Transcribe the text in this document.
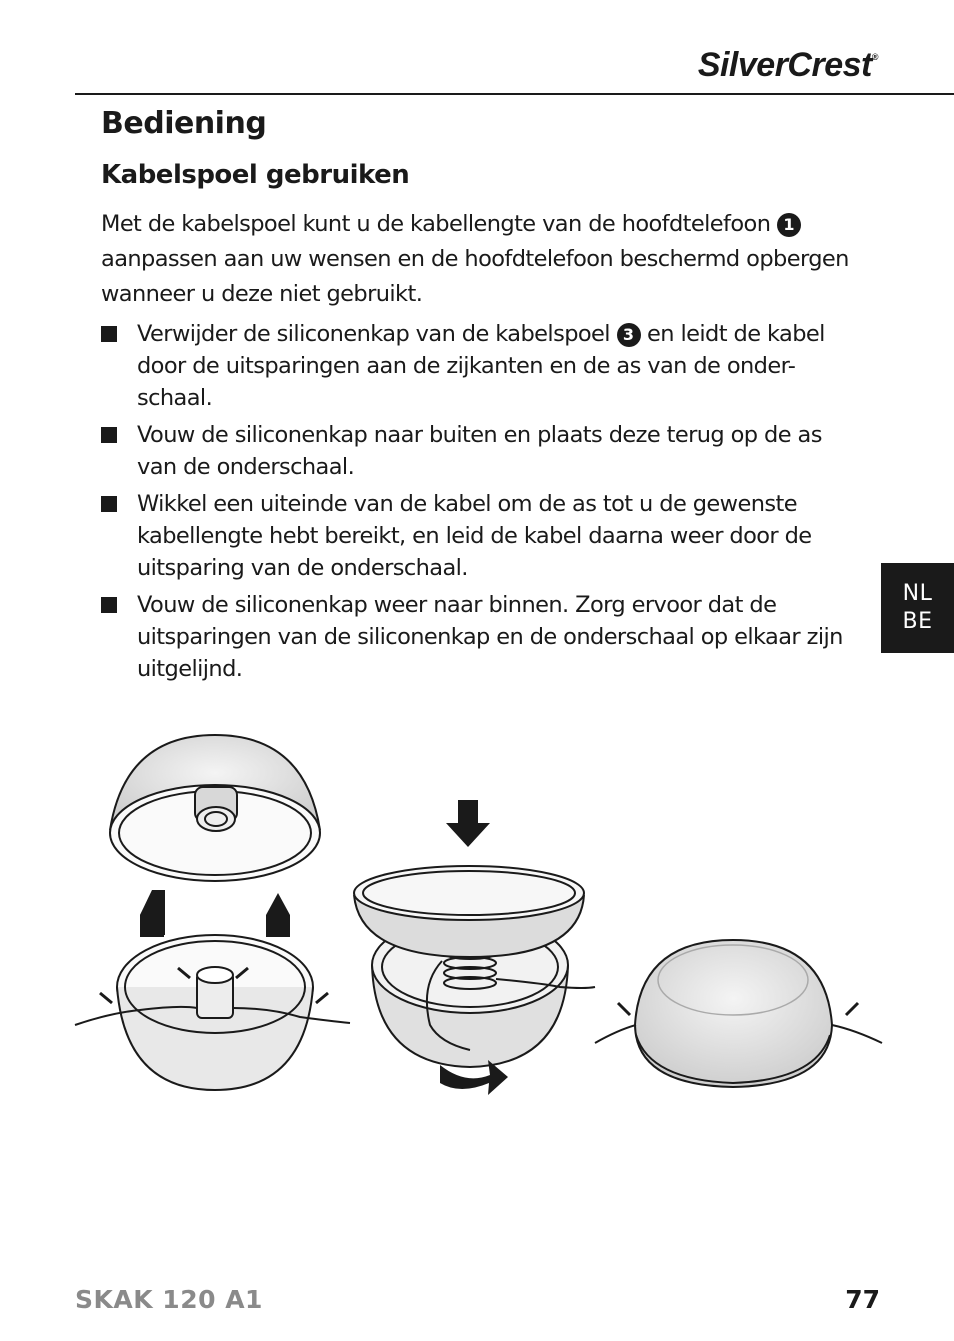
SilverCrest®
Bediening
Kabelspoel gebruiken

Met de kabelspoel kunt u de kabellengte van de hoofdtelefoon 1 aanpassen aan uw wensen en de hoofdtelefoon beschermd opbergen wanneer u deze niet gebruikt.

Verwijder de siliconenkap van de kabelspoel 3 en leidt de kabel door de uitsparingen aan de zijkanten en de as van de onder-schaal.
Vouw de siliconenkap naar buiten en plaats deze terug op de as van de onderschaal.
Wikkel een uiteinde van de kabel om de as tot u de gewenste kabellengte hebt bereikt, en leid de kabel daarna weer door de uitsparing van de onderschaal.
Vouw de siliconenkap weer naar binnen. Zorg ervoor dat de uitsparingen van de siliconenkap en de onderschaal op elkaar zijn uitgelijnd.
NL
BE
SKAK 120 A1	77
